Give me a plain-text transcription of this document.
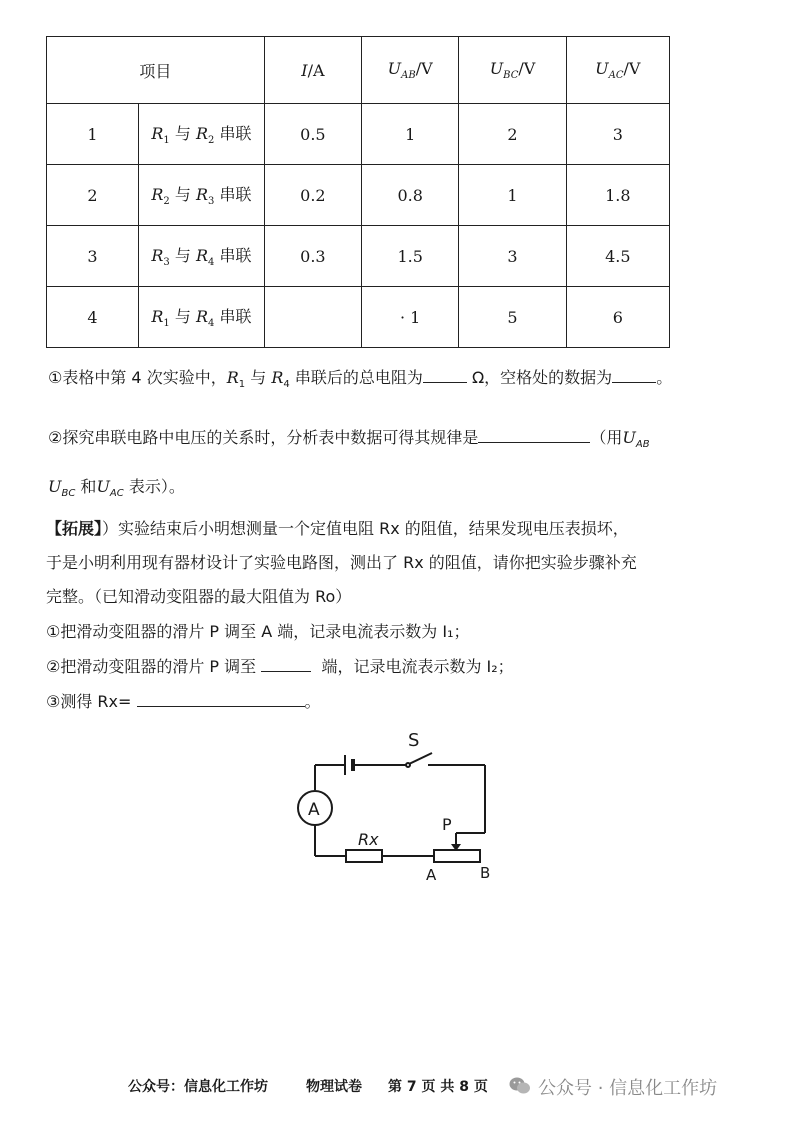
项目		I/A	$U_{AB}/V$	$U_{BC}/V$	$U_{AC}/V$
1	$R_1$ 与 $R_2$ 串联	0.5	1	2	3
2	$R_2$ 与 $R_3$ 串联	0.2	0.8	1	1.8
3	$R_3$ 与 $R_4$ 串联	0.3	1.5	3	4.5
4	$R_1$ 与 $R_4$ 串联		· 1	5	6
①表格中第 4 次实验中，$R_1$ 与 $R_4$ 串联后的总电阻为	Ω，空格处的数据为	。
②探究串联电路中电压的关系时，分析表中数据可得其规律是	（用$U_{AB}$
$U_{BC}$ 和$U_{AC}$ 表示）。
【拓展】）实验结束后小明想测量一个定值电阻 Rx 的阻值，结果发现电压表损坏，
于是小明利用现有器材设计了实验电路图，测出了 Rx 的阻值，请你把实验步骤补充
完整。（已知滑动变阻器的最大阻值为 Ro）
①把滑动变阻器的滑片 P 调至 A 端，记录电流表示数为 I₁；
②把滑动变阻器的滑片 P 调至	端，记录电流表示数为 I₂；
③测得 Rx=	。
S
A
Rx
P
A	B
公众号：信息化工作坊	物理试卷 第 7 页 共 8 页	公众号 · 信息化工作坊
